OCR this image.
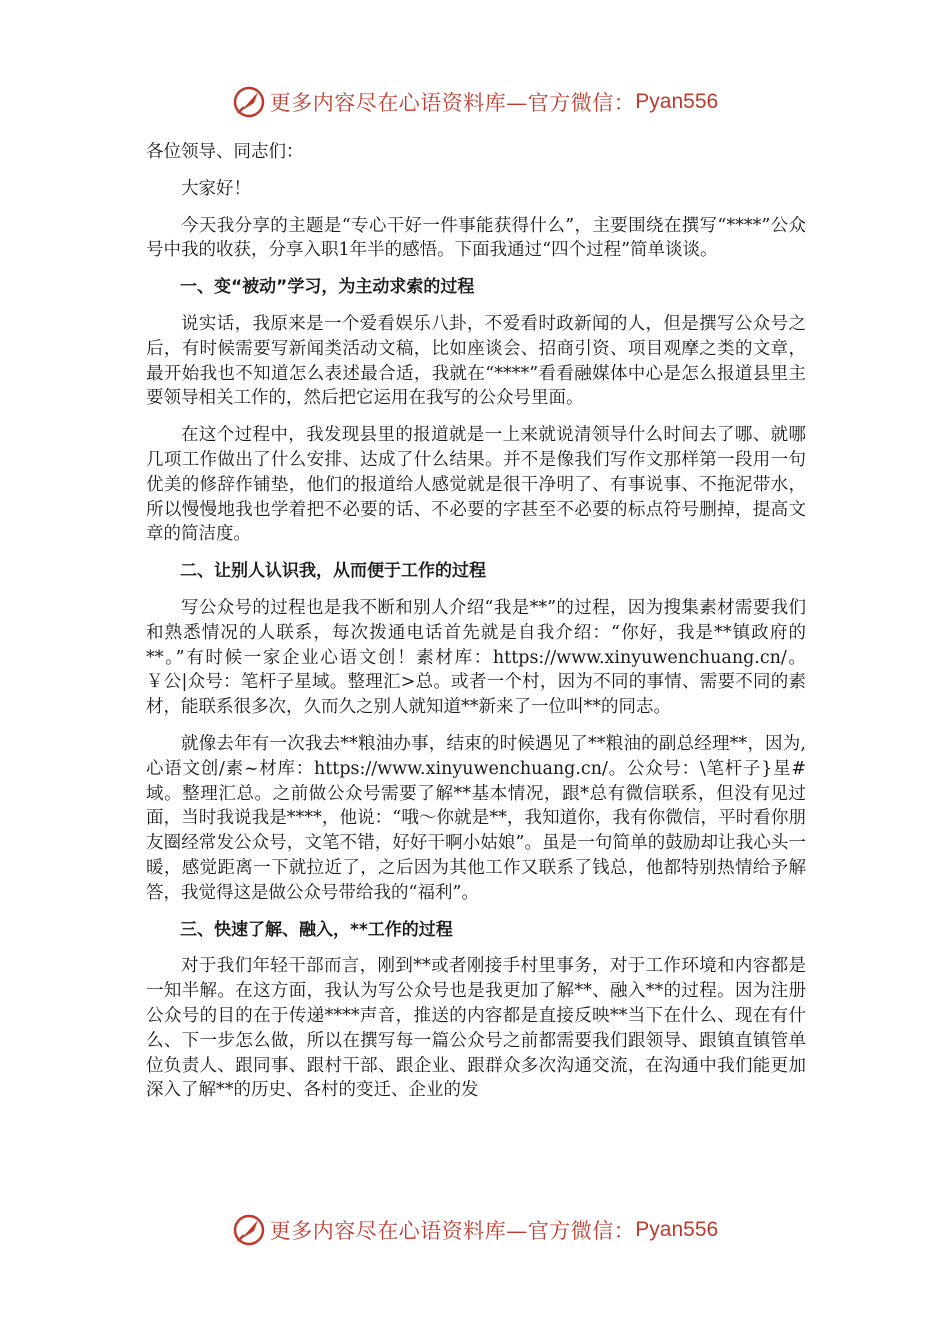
更多内容尽在心语资料库—官方微信： Pyan556

各位领导、同志们：

大家好！

今天我分享的主题是“专心干好一件事能获得什么”，主要围绕在撰写“****”公众号中我的收获，分享入职1年半的感悟。下面我通过“四个过程”简单谈谈。

一、变“被动”学习，为主动求索的过程

说实话，我原来是一个爱看娱乐八卦，不爱看时政新闻的人，但是撰写公众号之后，有时候需要写新闻类活动文稿，比如座谈会、招商引资、项目观摩之类的文章，最开始我也不知道怎么表述最合适，我就在“****”看看融媒体中心是怎么报道县里主要领导相关工作的，然后把它运用在我写的公众号里面。

在这个过程中，我发现县里的报道就是一上来就说清领导什么时间去了哪、就哪几项工作做出了什么安排、达成了什么结果。并不是像我们写作文那样第一段用一句优美的修辞作铺垫，他们的报道给人感觉就是很干净明了、有事说事、不拖泥带水，所以慢慢地我也学着把不必要的话、不必要的字甚至不必要的标点符号删掉，提高文章的简洁度。

二、让别人认识我，从而便于工作的过程

写公众号的过程也是我不断和别人介绍“我是**”的过程，因为搜集素材需要我们和熟悉情况的人联系，每次拨通电话首先就是自我介绍：“你好，我是**镇政府的**。”有时候一家企业心语文创！素材库：https://www.xinyuwenchuang.cn/。￥公|众号：笔杆子星域。整理汇>总。或者一个村，因为不同的事情、需要不同的素材，能联系很多次，久而久之别人就知道**新来了一位叫**的同志。

就像去年有一次我去**粮油办事，结束的时候遇见了**粮油的副总经理**，因为,心语文创/素~材库：https://www.xinyuwenchuang.cn/。公众号：\笔杆子}星#域。整理汇总。之前做公众号需要了解**基本情况，跟*总有微信联系，但没有见过面，当时我说我是****，他说：“哦～你就是**，我知道你，我有你微信，平时看你朋友圈经常发公众号，文笔不错，好好干啊小姑娘”。虽是一句简单的鼓励却让我心头一暖，感觉距离一下就拉近了，之后因为其他工作又联系了钱总，他都特别热情给予解答，我觉得这是做公众号带给我的“福利”。

三、快速了解、融入，**工作的过程

对于我们年轻干部而言，刚到**或者刚接手村里事务，对于工作环境和内容都是一知半解。在这方面，我认为写公众号也是我更加了解**、融入**的过程。因为注册公众号的目的在于传递****声音，推送的内容都是直接反映**当下在什么、现在有什么、下一步怎么做，所以在撰写每一篇公众号之前都需要我们跟领导、跟镇直镇管单位负责人、跟同事、跟村干部、跟企业、跟群众多次沟通交流，在沟通中我们能更加深入了解**的历史、各村的变迁、企业的发

更多内容尽在心语资料库—官方微信： Pyan556
